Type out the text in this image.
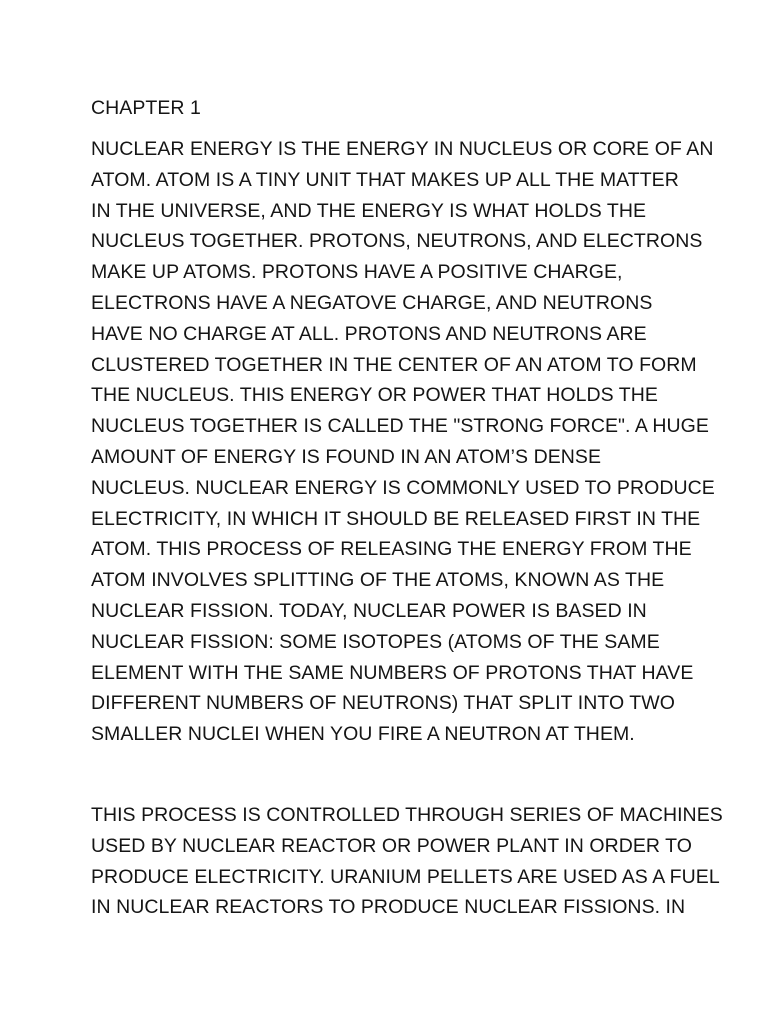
CHAPTER 1
NUCLEAR ENERGY IS THE ENERGY IN NUCLEUS OR CORE OF AN
ATOM. ATOM IS A TINY UNIT THAT MAKES UP ALL THE MATTER
IN THE UNIVERSE, AND THE ENERGY IS WHAT HOLDS THE
NUCLEUS TOGETHER. PROTONS, NEUTRONS, AND ELECTRONS
MAKE UP ATOMS. PROTONS HAVE A POSITIVE CHARGE,
ELECTRONS HAVE A NEGATOVE CHARGE, AND NEUTRONS
HAVE NO CHARGE AT ALL. PROTONS AND NEUTRONS ARE
CLUSTERED TOGETHER IN THE CENTER OF AN ATOM TO FORM
THE NUCLEUS. THIS ENERGY OR POWER THAT HOLDS THE
NUCLEUS TOGETHER IS CALLED THE "STRONG FORCE". A HUGE
AMOUNT OF ENERGY IS FOUND IN AN ATOM’S DENSE
NUCLEUS. NUCLEAR ENERGY IS COMMONLY USED TO PRODUCE
ELECTRICITY, IN WHICH IT SHOULD BE RELEASED FIRST IN THE
ATOM. THIS PROCESS OF RELEASING THE ENERGY FROM THE
ATOM INVOLVES SPLITTING OF THE ATOMS, KNOWN AS THE
NUCLEAR FISSION. TODAY, NUCLEAR POWER IS BASED IN
NUCLEAR FISSION: SOME ISOTOPES (ATOMS OF THE SAME
ELEMENT WITH THE SAME NUMBERS OF PROTONS THAT HAVE
DIFFERENT NUMBERS OF NEUTRONS) THAT SPLIT INTO TWO
SMALLER NUCLEI WHEN YOU FIRE A NEUTRON AT THEM.
THIS PROCESS IS CONTROLLED THROUGH SERIES OF MACHINES
USED BY NUCLEAR REACTOR OR POWER PLANT IN ORDER TO
PRODUCE ELECTRICITY. URANIUM PELLETS ARE USED AS A FUEL
IN NUCLEAR REACTORS TO PRODUCE NUCLEAR FISSIONS. IN
